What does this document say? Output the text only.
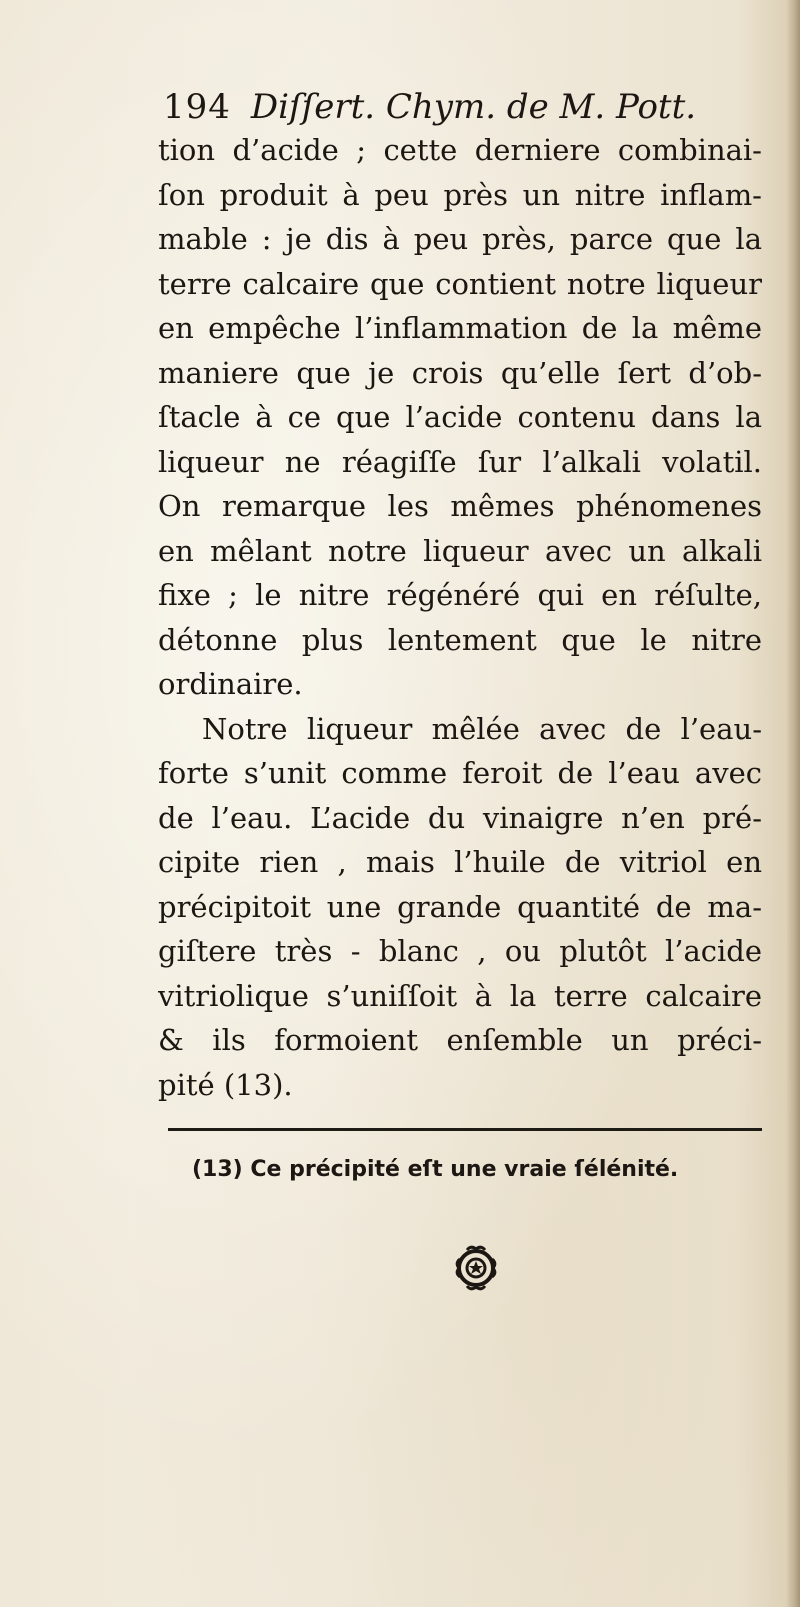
194 Diſſert. Chym. de M. Pott.
tion d’acide ; cette derniere combinai-
ſon produit à peu près un nitre inflam-
mable : je dis à peu près, parce que la
terre calcaire que contient notre liqueur
en empêche l’inflammation de la même
maniere que je crois qu’elle ſert d’ob-
ſtacle à ce que l’acide contenu dans la
liqueur ne réagiſſe ſur l’alkali volatil.
On remarque les mêmes phénomenes
en mêlant notre liqueur avec un alkali
fixe ; le nitre régénéré qui en réſulte,
détonne plus lentement que le nitre
ordinaire.
Notre liqueur mêlée avec de l’eau-
forte s’unit comme feroit de l’eau avec
de l’eau. L’acide du vinaigre n’en pré-
cipite rien , mais l’huile de vitriol en
précipitoit une grande quantité de ma-
giſtere très - blanc , ou plutôt l’acide
vitriolique s’uniſſoit à la terre calcaire
& ils formoient enſemble un préci-
pité (13).
(13) Ce précipité eſt une vraie ſélénité.
